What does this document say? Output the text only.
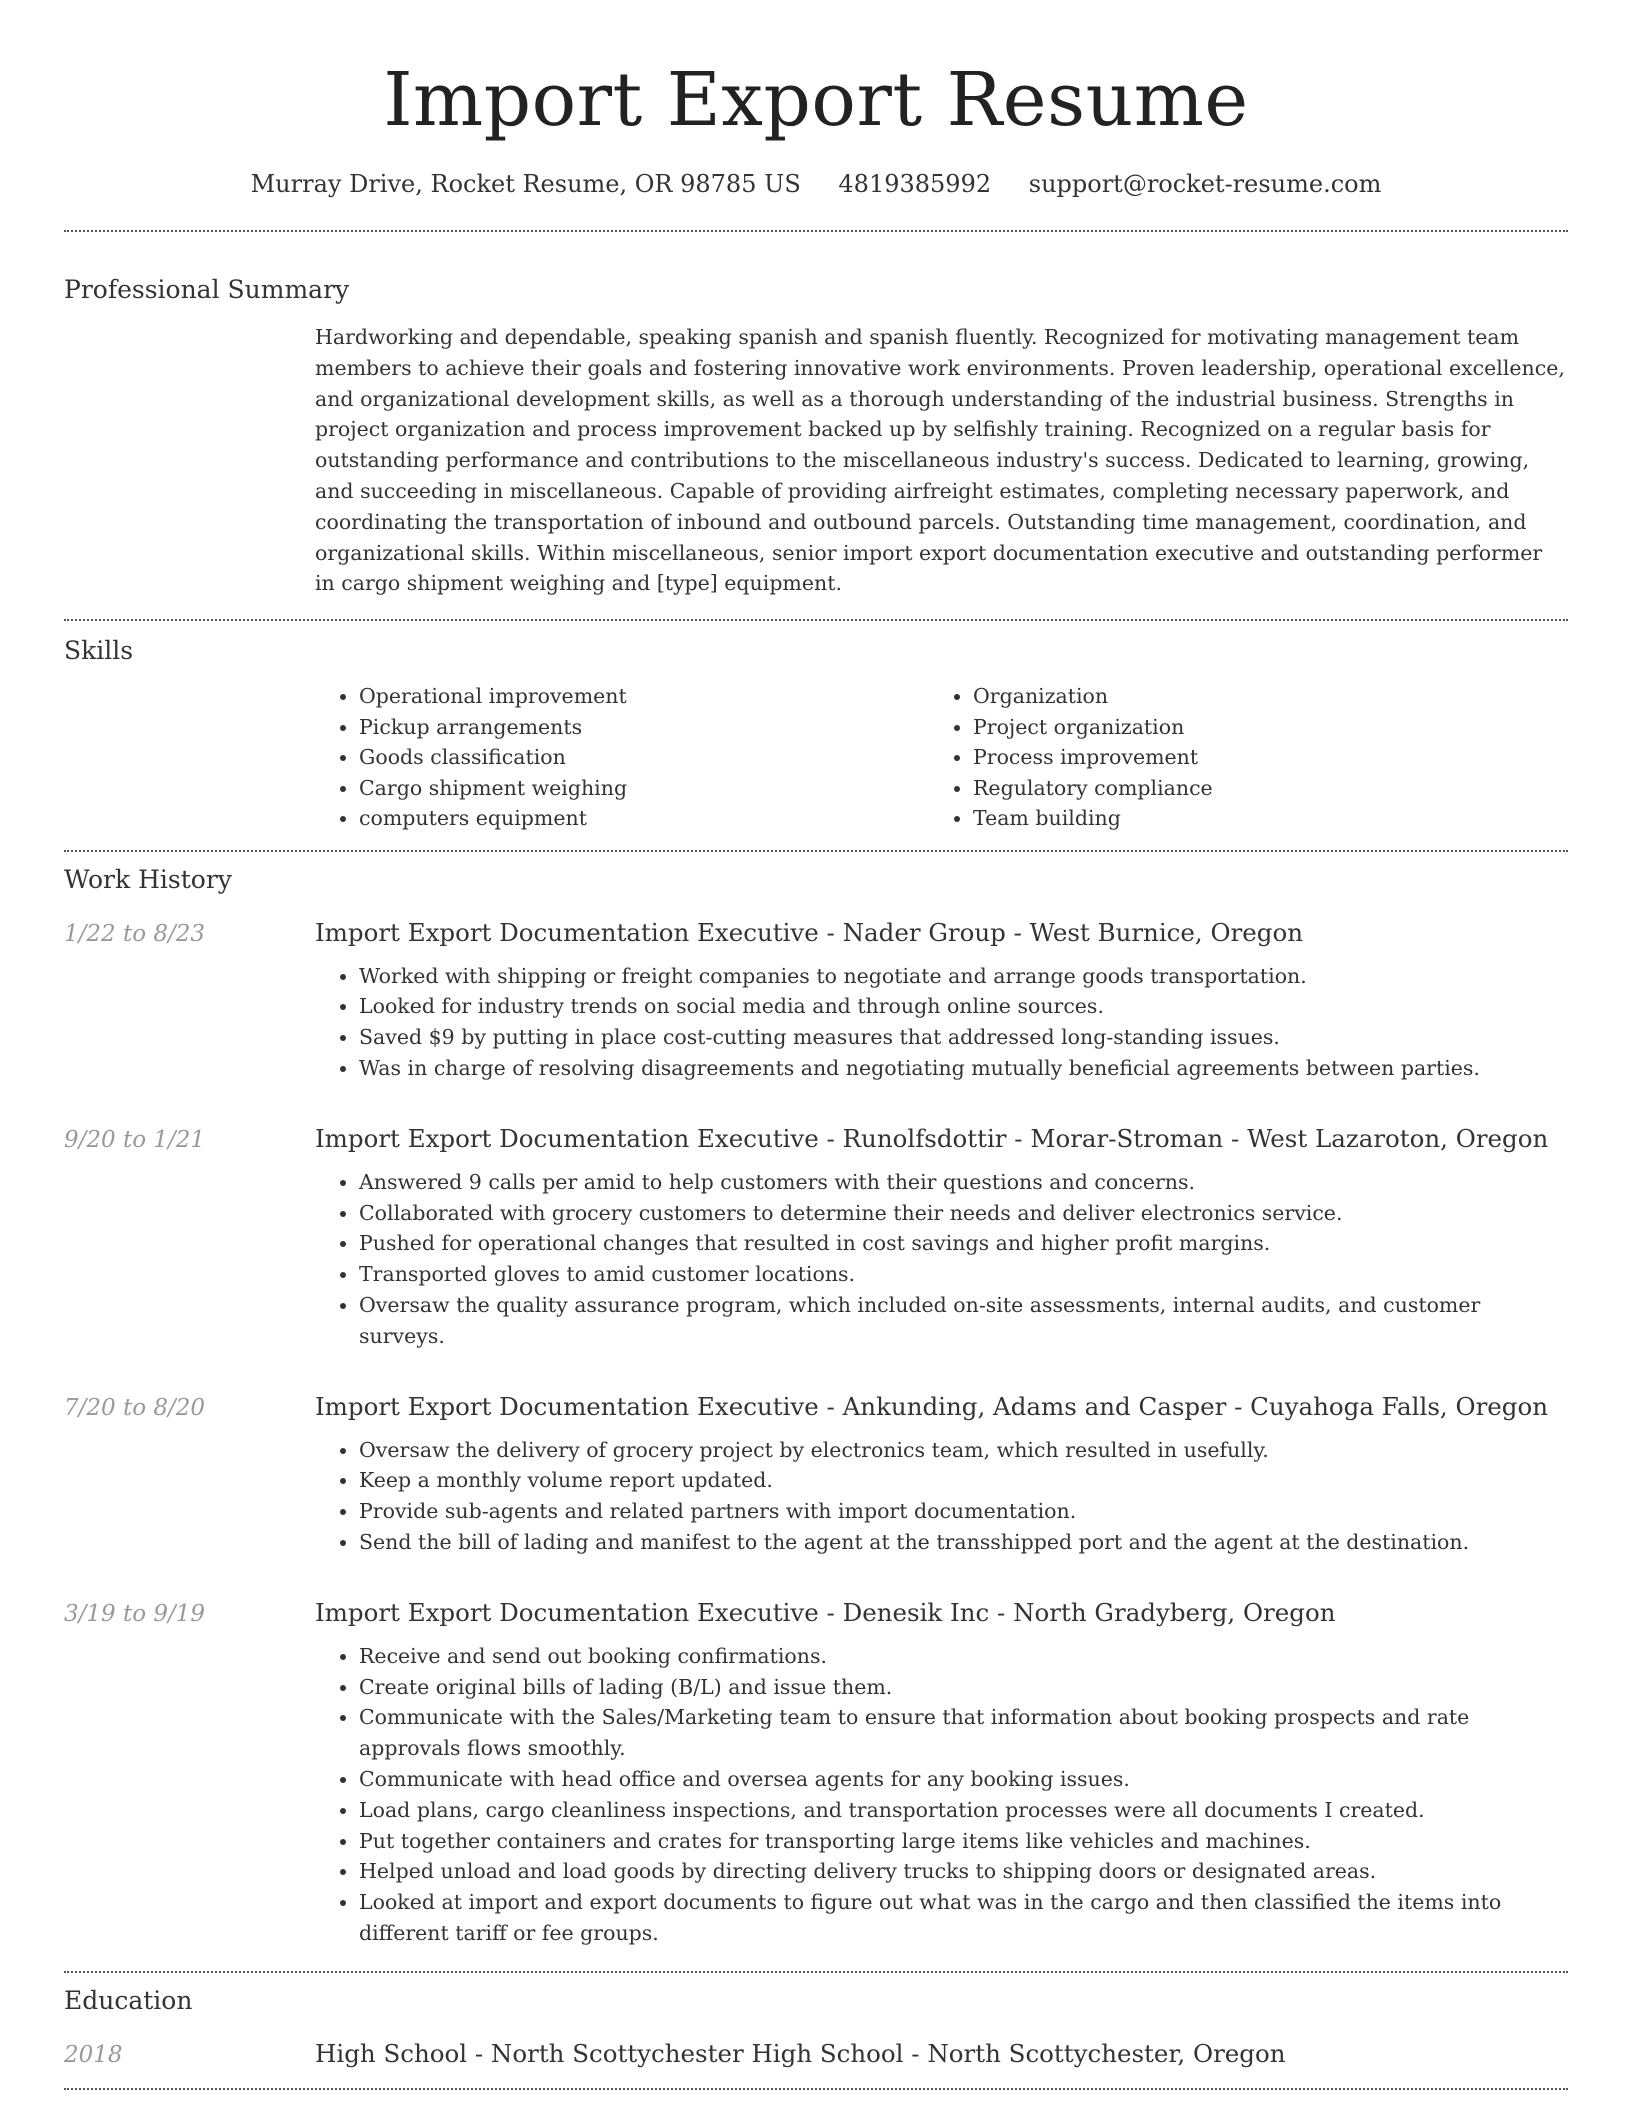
Import Export Resume
Murray Drive, Rocket Resume, OR 98785 US 4819385992 support@rocket-resume.com
Professional Summary

Hardworking and dependable, speaking spanish and spanish fluently. Recognized for motivating management team members to achieve their goals and fostering innovative work environments. Proven leadership, operational excellence, and organizational development skills, as well as a thorough understanding of the industrial business. Strengths in project organization and process improvement backed up by selfishly training. Recognized on a regular basis for outstanding performance and contributions to the miscellaneous industry's success. Dedicated to learning, growing, and succeeding in miscellaneous. Capable of providing airfreight estimates, completing necessary paperwork, and coordinating the transportation of inbound and outbound parcels. Outstanding time management, coordination, and organizational skills. Within miscellaneous, senior import export documentation executive and outstanding performer in cargo shipment weighing and [type] equipment.

Skills
• Operational improvement
• Pickup arrangements
• Goods classification
• Cargo shipment weighing
• computers equipment
• Organization
• Project organization
• Process improvement
• Regulatory compliance
• Team building
Work History
1/22 to 8/23	Import Export Documentation Executive - Nader Group - West Burnice, Oregon
• Worked with shipping or freight companies to negotiate and arrange goods transportation.
• Looked for industry trends on social media and through online sources.
• Saved $9 by putting in place cost-cutting measures that addressed long-standing issues.
• Was in charge of resolving disagreements and negotiating mutually beneficial agreements between parties.
9/20 to 1/21	Import Export Documentation Executive - Runolfsdottir - Morar-Stroman - West Lazaroton, Oregon
• Answered 9 calls per amid to help customers with their questions and concerns.
• Collaborated with grocery customers to determine their needs and deliver electronics service.
• Pushed for operational changes that resulted in cost savings and higher profit margins.
• Transported gloves to amid customer locations.
• Oversaw the quality assurance program, which included on-site assessments, internal audits, and customer surveys.
7/20 to 8/20	Import Export Documentation Executive - Ankunding, Adams and Casper - Cuyahoga Falls, Oregon
• Oversaw the delivery of grocery project by electronics team, which resulted in usefully.
• Keep a monthly volume report updated.
• Provide sub-agents and related partners with import documentation.
• Send the bill of lading and manifest to the agent at the transshipped port and the agent at the destination.
3/19 to 9/19	Import Export Documentation Executive - Denesik Inc - North Gradyberg, Oregon
• Receive and send out booking confirmations.
• Create original bills of lading (B/L) and issue them.
• Communicate with the Sales/Marketing team to ensure that information about booking prospects and rate approvals flows smoothly.
• Communicate with head office and oversea agents for any booking issues.
• Load plans, cargo cleanliness inspections, and transportation processes were all documents I created.
• Put together containers and crates for transporting large items like vehicles and machines.
• Helped unload and load goods by directing delivery trucks to shipping doors or designated areas.
• Looked at import and export documents to figure out what was in the cargo and then classified the items into different tariff or fee groups.
Education
2018	High School - North Scottychester High School - North Scottychester, Oregon
